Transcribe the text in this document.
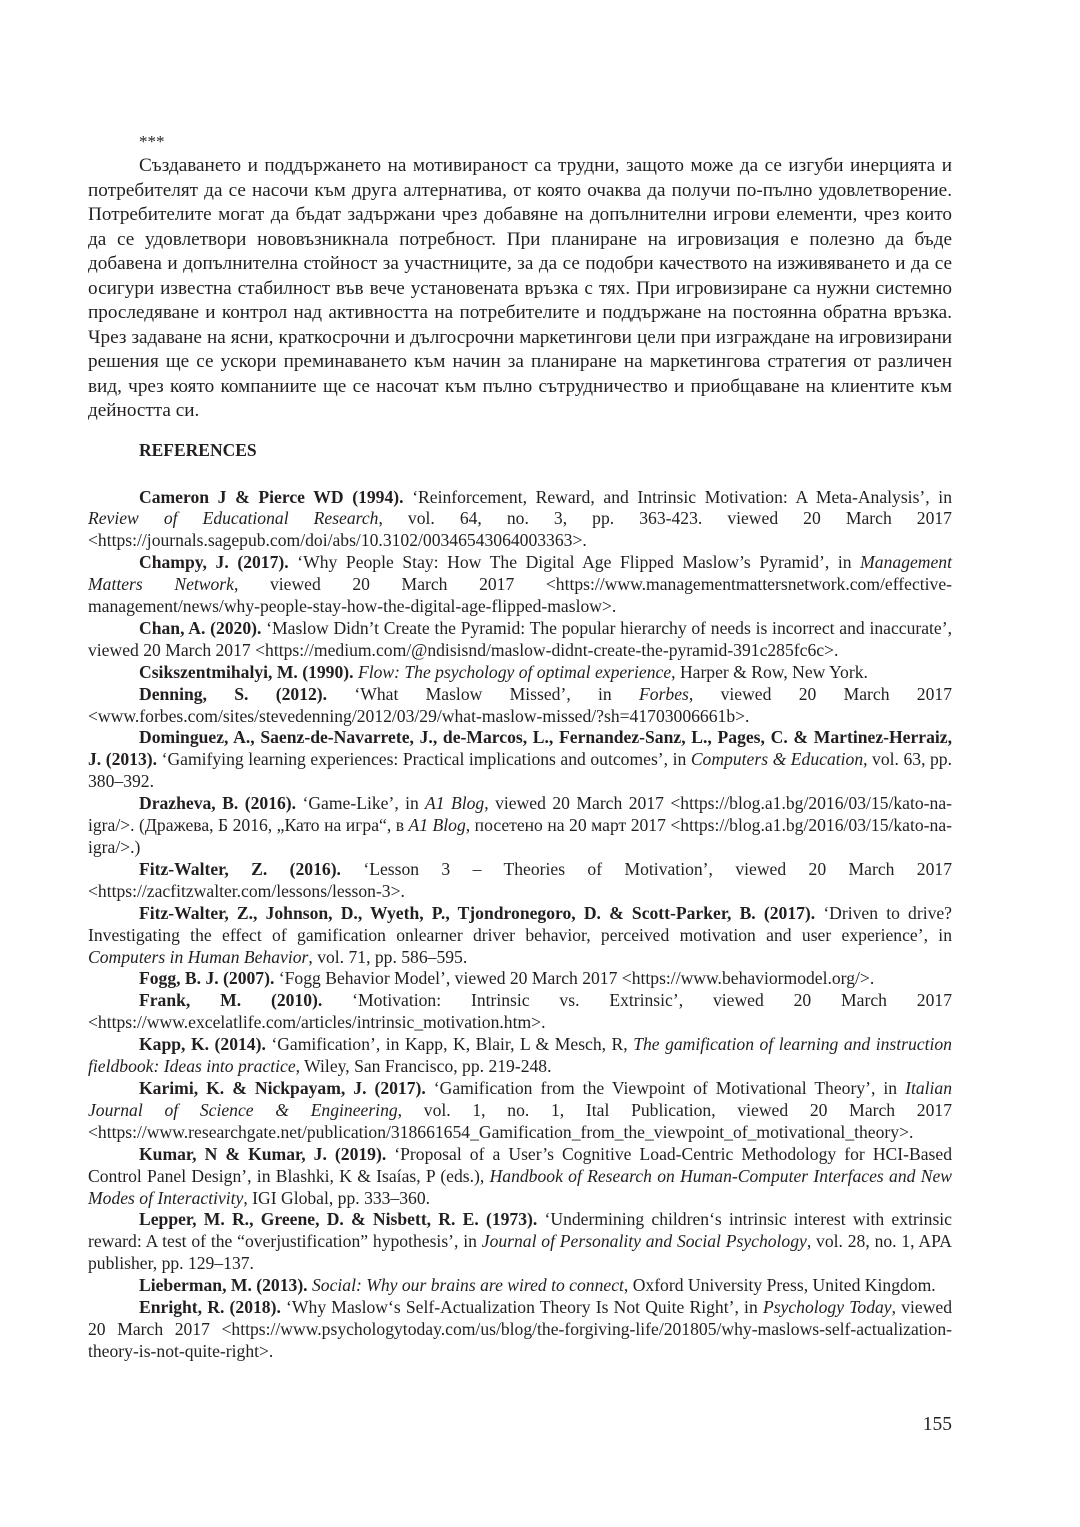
***

Създаването и поддържането на мотивираност са трудни, защото може да се изгуби инерцията и потребителят да се насочи към друга алтернатива, от която очаква да получи по-пълно удовлетворение. Потребителите могат да бъдат задържани чрез добавяне на допълнителни игрови елементи, чрез които да се удовлетвори нововъзникнала потребност. При планиране на игровизация е полезно да бъде добавена и допълнителна стойност за участниците, за да се подобри качеството на изживяването и да се осигури известна стабилност във вече установената връзка с тях. При игровизиране са нужни системно проследяване и контрол над активността на потребителите и поддържане на постоянна обратна връзка. Чрез задаване на ясни, краткосрочни и дългосрочни маркетингови цели при изграждане на игровизирани решения ще се ускори преминаването към начин за планиране на маркетингова стратегия от различен вид, чрез която компаниите ще се насочат към пълно сътрудничество и приобщаване на клиентите към дейността си.

REFERENCES

Cameron J & Pierce WD (1994). ‘Reinforcement, Reward, and Intrinsic Motivation: A Meta-Analysis’, in Review of Educational Research, vol. 64, no. 3, pp. 363-423. viewed 20 March 2017 <https://journals.sagepub.com/doi/abs/10.3102/00346543064003363>.

Champy, J. (2017). ‘Why People Stay: How The Digital Age Flipped Maslow’s Pyramid’, in Management Matters Network, viewed 20 March 2017 <https://www.managementmattersnetwork.com/effective-management/news/why-people-stay-how-the-digital-age-flipped-maslow>.

Chan, A. (2020). ‘Maslow Didn’t Create the Pyramid: The popular hierarchy of needs is incorrect and inaccurate’, viewed 20 March 2017 <https://medium.com/@ndisisnd/maslow-didnt-create-the-pyramid-391c285fc6c>.

Csikszentmihalyi, M. (1990). Flow: The psychology of optimal experience, Harper & Row, New York.

Denning, S. (2012). ‘What Maslow Missed’, in Forbes, viewed 20 March 2017 <www.forbes.com/sites/stevedenning/2012/03/29/what-maslow-missed/?sh=41703006661b>.

Dominguez, A., Saenz-de-Navarrete, J., de-Marcos, L., Fernandez-Sanz, L., Pages, C. & Martinez-Herraiz, J. (2013). ‘Gamifying learning experiences: Practical implications and outcomes’, in Computers & Education, vol. 63, pp. 380–392.

Drazheva, B. (2016). ‘Game-Like’, in A1 Blog, viewed 20 March 2017 <https://blog.a1.bg/2016/03/15/kato-na-igra/>. (Дражева, Б 2016, „Като на игра“, в A1 Blog, посетено на 20 март 2017 <https://blog.a1.bg/2016/03/15/kato-na-igra/>.)

Fitz-Walter, Z. (2016). ‘Lesson 3 – Theories of Motivation’, viewed 20 March 2017 <https://zacfitzwalter.com/lessons/lesson-3>.

Fitz-Walter, Z., Johnson, D., Wyeth, P., Tjondronegoro, D. & Scott-Parker, B. (2017). ‘Driven to drive? Investigating the effect of gamification onlearner driver behavior, perceived motivation and user experience’, in Computers in Human Behavior, vol. 71, pp. 586–595.

Fogg, B. J. (2007). ‘Fogg Behavior Model’, viewed 20 March 2017 <https://www.behaviormodel.org/>.

Frank, M. (2010). ‘Motivation: Intrinsic vs. Extrinsic’, viewed 20 March 2017 <https://www.excelatlife.com/articles/intrinsic_motivation.htm>.

Kapp, K. (2014). ‘Gamification’, in Kapp, K, Blair, L & Mesch, R, The gamification of learning and instruction fieldbook: Ideas into practice, Wiley, San Francisco, pp. 219-248.

Karimi, K. & Nickpayam, J. (2017). ‘Gamification from the Viewpoint of Motivational Theory’, in Italian Journal of Science & Engineering, vol. 1, no. 1, Ital Publication, viewed 20 March 2017 <https://www.researchgate.net/publication/318661654_Gamification_from_the_viewpoint_of_motivational_theory>.

Kumar, N & Kumar, J. (2019). ‘Proposal of a User’s Cognitive Load-Centric Methodology for HCI-Based Control Panel Design’, in Blashki, K & Isaías, P (eds.), Handbook of Research on Human-Computer Interfaces and New Modes of Interactivity, IGI Global, pp. 333–360.

Lepper, M. R., Greene, D. & Nisbett, R. E. (1973). ‘Undermining children‘s intrinsic interest with extrinsic reward: A test of the “overjustification” hypothesis’, in Journal of Personality and Social Psychology, vol. 28, no. 1, APA publisher, pp. 129–137.

Lieberman, M. (2013). Social: Why our brains are wired to connect, Oxford University Press, United Kingdom.

Enright, R. (2018). ‘Why Maslow‘s Self-Actualization Theory Is Not Quite Right’, in Psychology Today, viewed 20 March 2017 <https://www.psychologytoday.com/us/blog/the-forgiving-life/201805/why-maslows-self-actualization-theory-is-not-quite-right>.

155
